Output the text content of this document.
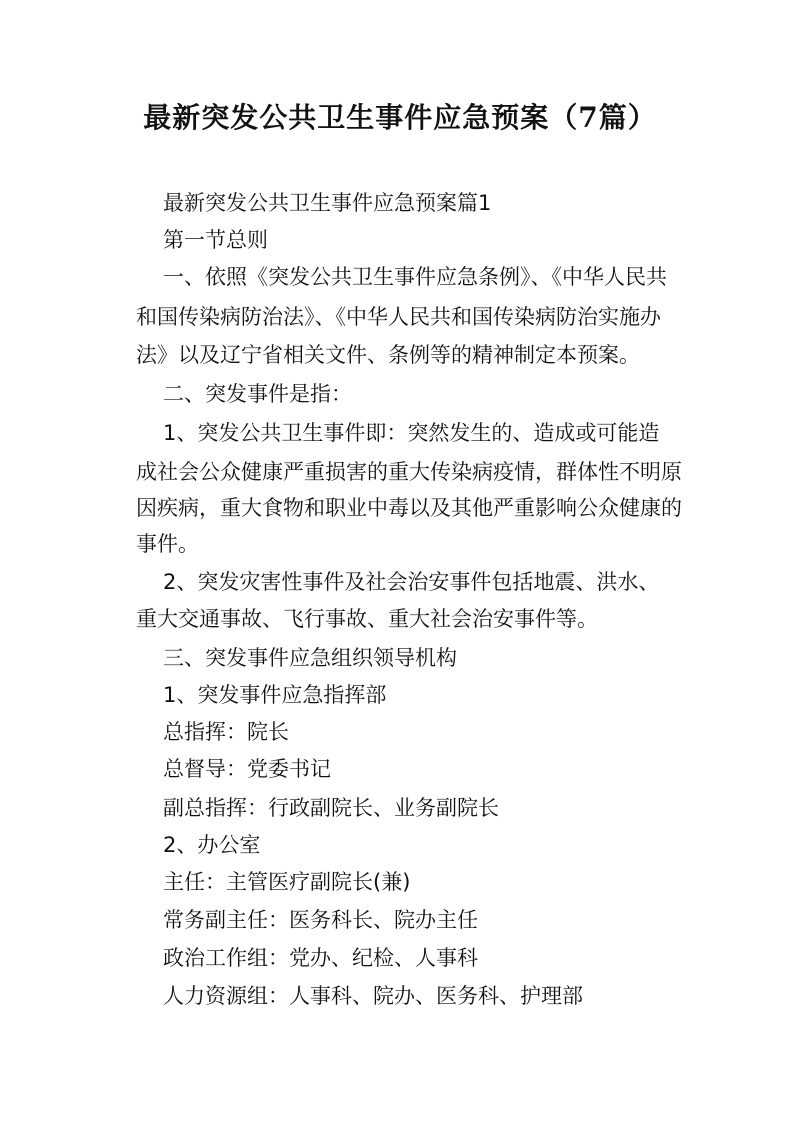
最新突发公共卫生事件应急预案（7篇）
最新突发公共卫生事件应急预案篇1
第一节总则
一、依照《突发公共卫生事件应急条例》、《中华人民共
和国传染病防治法》、《中华人民共和国传染病防治实施办
法》以及辽宁省相关文件、条例等的精神制定本预案。
二、突发事件是指：
1、突发公共卫生事件即：突然发生的、造成或可能造
成社会公众健康严重损害的重大传染病疫情，群体性不明原
因疾病，重大食物和职业中毒以及其他严重影响公众健康的
事件。
2、突发灾害性事件及社会治安事件包括地震、洪水、
重大交通事故、飞行事故、重大社会治安事件等。
三、突发事件应急组织领导机构
1、突发事件应急指挥部
总指挥：院长
总督导：党委书记
副总指挥：行政副院长、业务副院长
2、办公室
主任：主管医疗副院长(兼)
常务副主任：医务科长、院办主任
政治工作组：党办、纪检、人事科
人力资源组：人事科、院办、医务科、护理部
